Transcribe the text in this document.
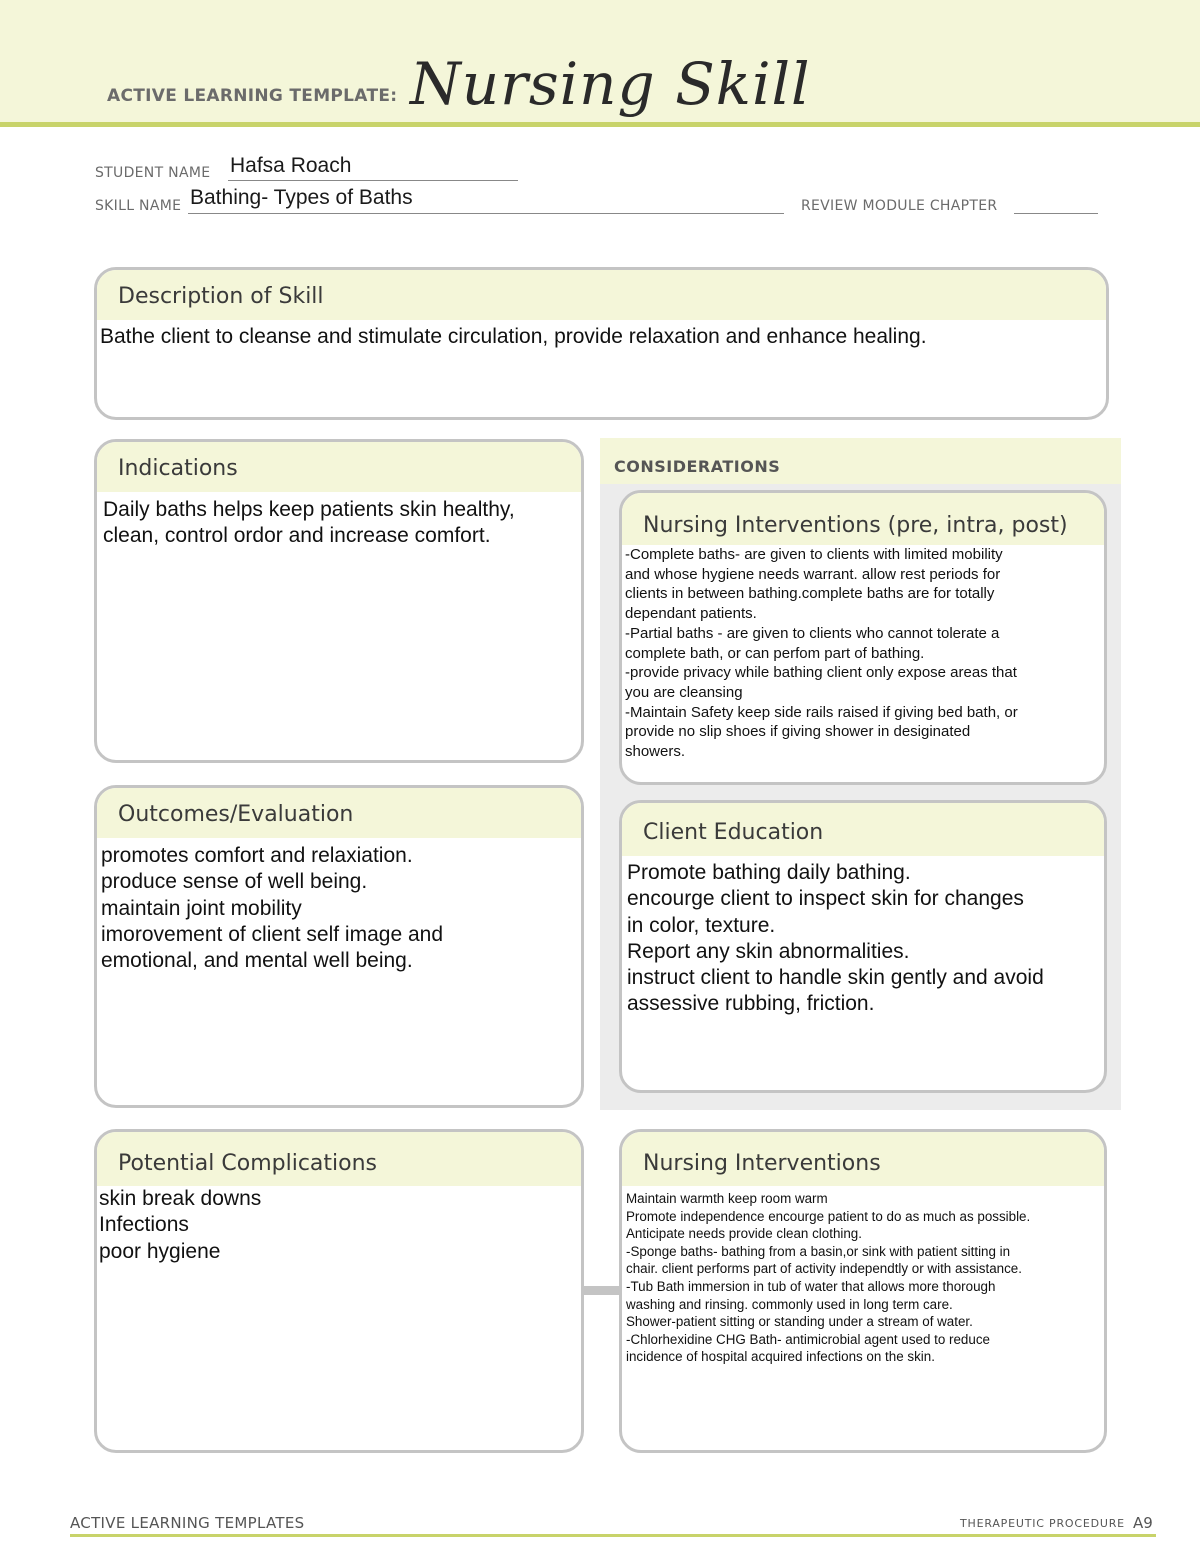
ACTIVE LEARNING TEMPLATE: Nursing Skill
STUDENT NAME Hafsa Roach
SKILL NAME Bathing- Types of Baths	REVIEW MODULE CHAPTER
Description of Skill
Bathe client to cleanse and stimulate circulation, provide relaxation and enhance healing.
Indications
Daily baths helps keep patients skin healthy,
clean, control ordor and increase comfort.
CONSIDERATIONS
Nursing Interventions (pre, intra, post)
-Complete baths- are given to clients with limited mobility
and whose hygiene needs warrant. allow rest periods for
clients in between bathing.complete baths are for totally
dependant patients.
-Partial baths - are given to clients who cannot tolerate a
complete bath, or can perfom part of bathing.
-provide privacy while bathing client only expose areas that
you are cleansing
-Maintain Safety keep side rails raised if giving bed bath, or
provide no slip shoes if giving shower in desiginated
showers.
Outcomes/Evaluation
promotes comfort and relaxiation.
produce sense of well being.
maintain joint mobility
imorovement of client self image and
emotional, and mental well being.
Client Education
Promote bathing daily bathing.
encourge client to inspect skin for changes
in color, texture.
Report any skin abnormalities.
instruct client to handle skin gently and avoid
assessive rubbing, friction.
Potential Complications
skin break downs
Infections
poor hygiene
Nursing Interventions
Maintain warmth keep room warm
Promote independence encourge patient to do as much as possible.
Anticipate needs provide clean clothing.
-Sponge baths- bathing from a basin,or sink with patient sitting in
chair. client performs part of activity independtly or with assistance.
-Tub Bath immersion in tub of water that allows more thorough
washing and rinsing. commonly used in long term care.
Shower-patient sitting or standing under a stream of water.
-Chlorhexidine CHG Bath- antimicrobial agent used to reduce
incidence of hospital acquired infections on the skin.
ACTIVE LEARNING TEMPLATES	THERAPEUTIC PROCEDURE A9
